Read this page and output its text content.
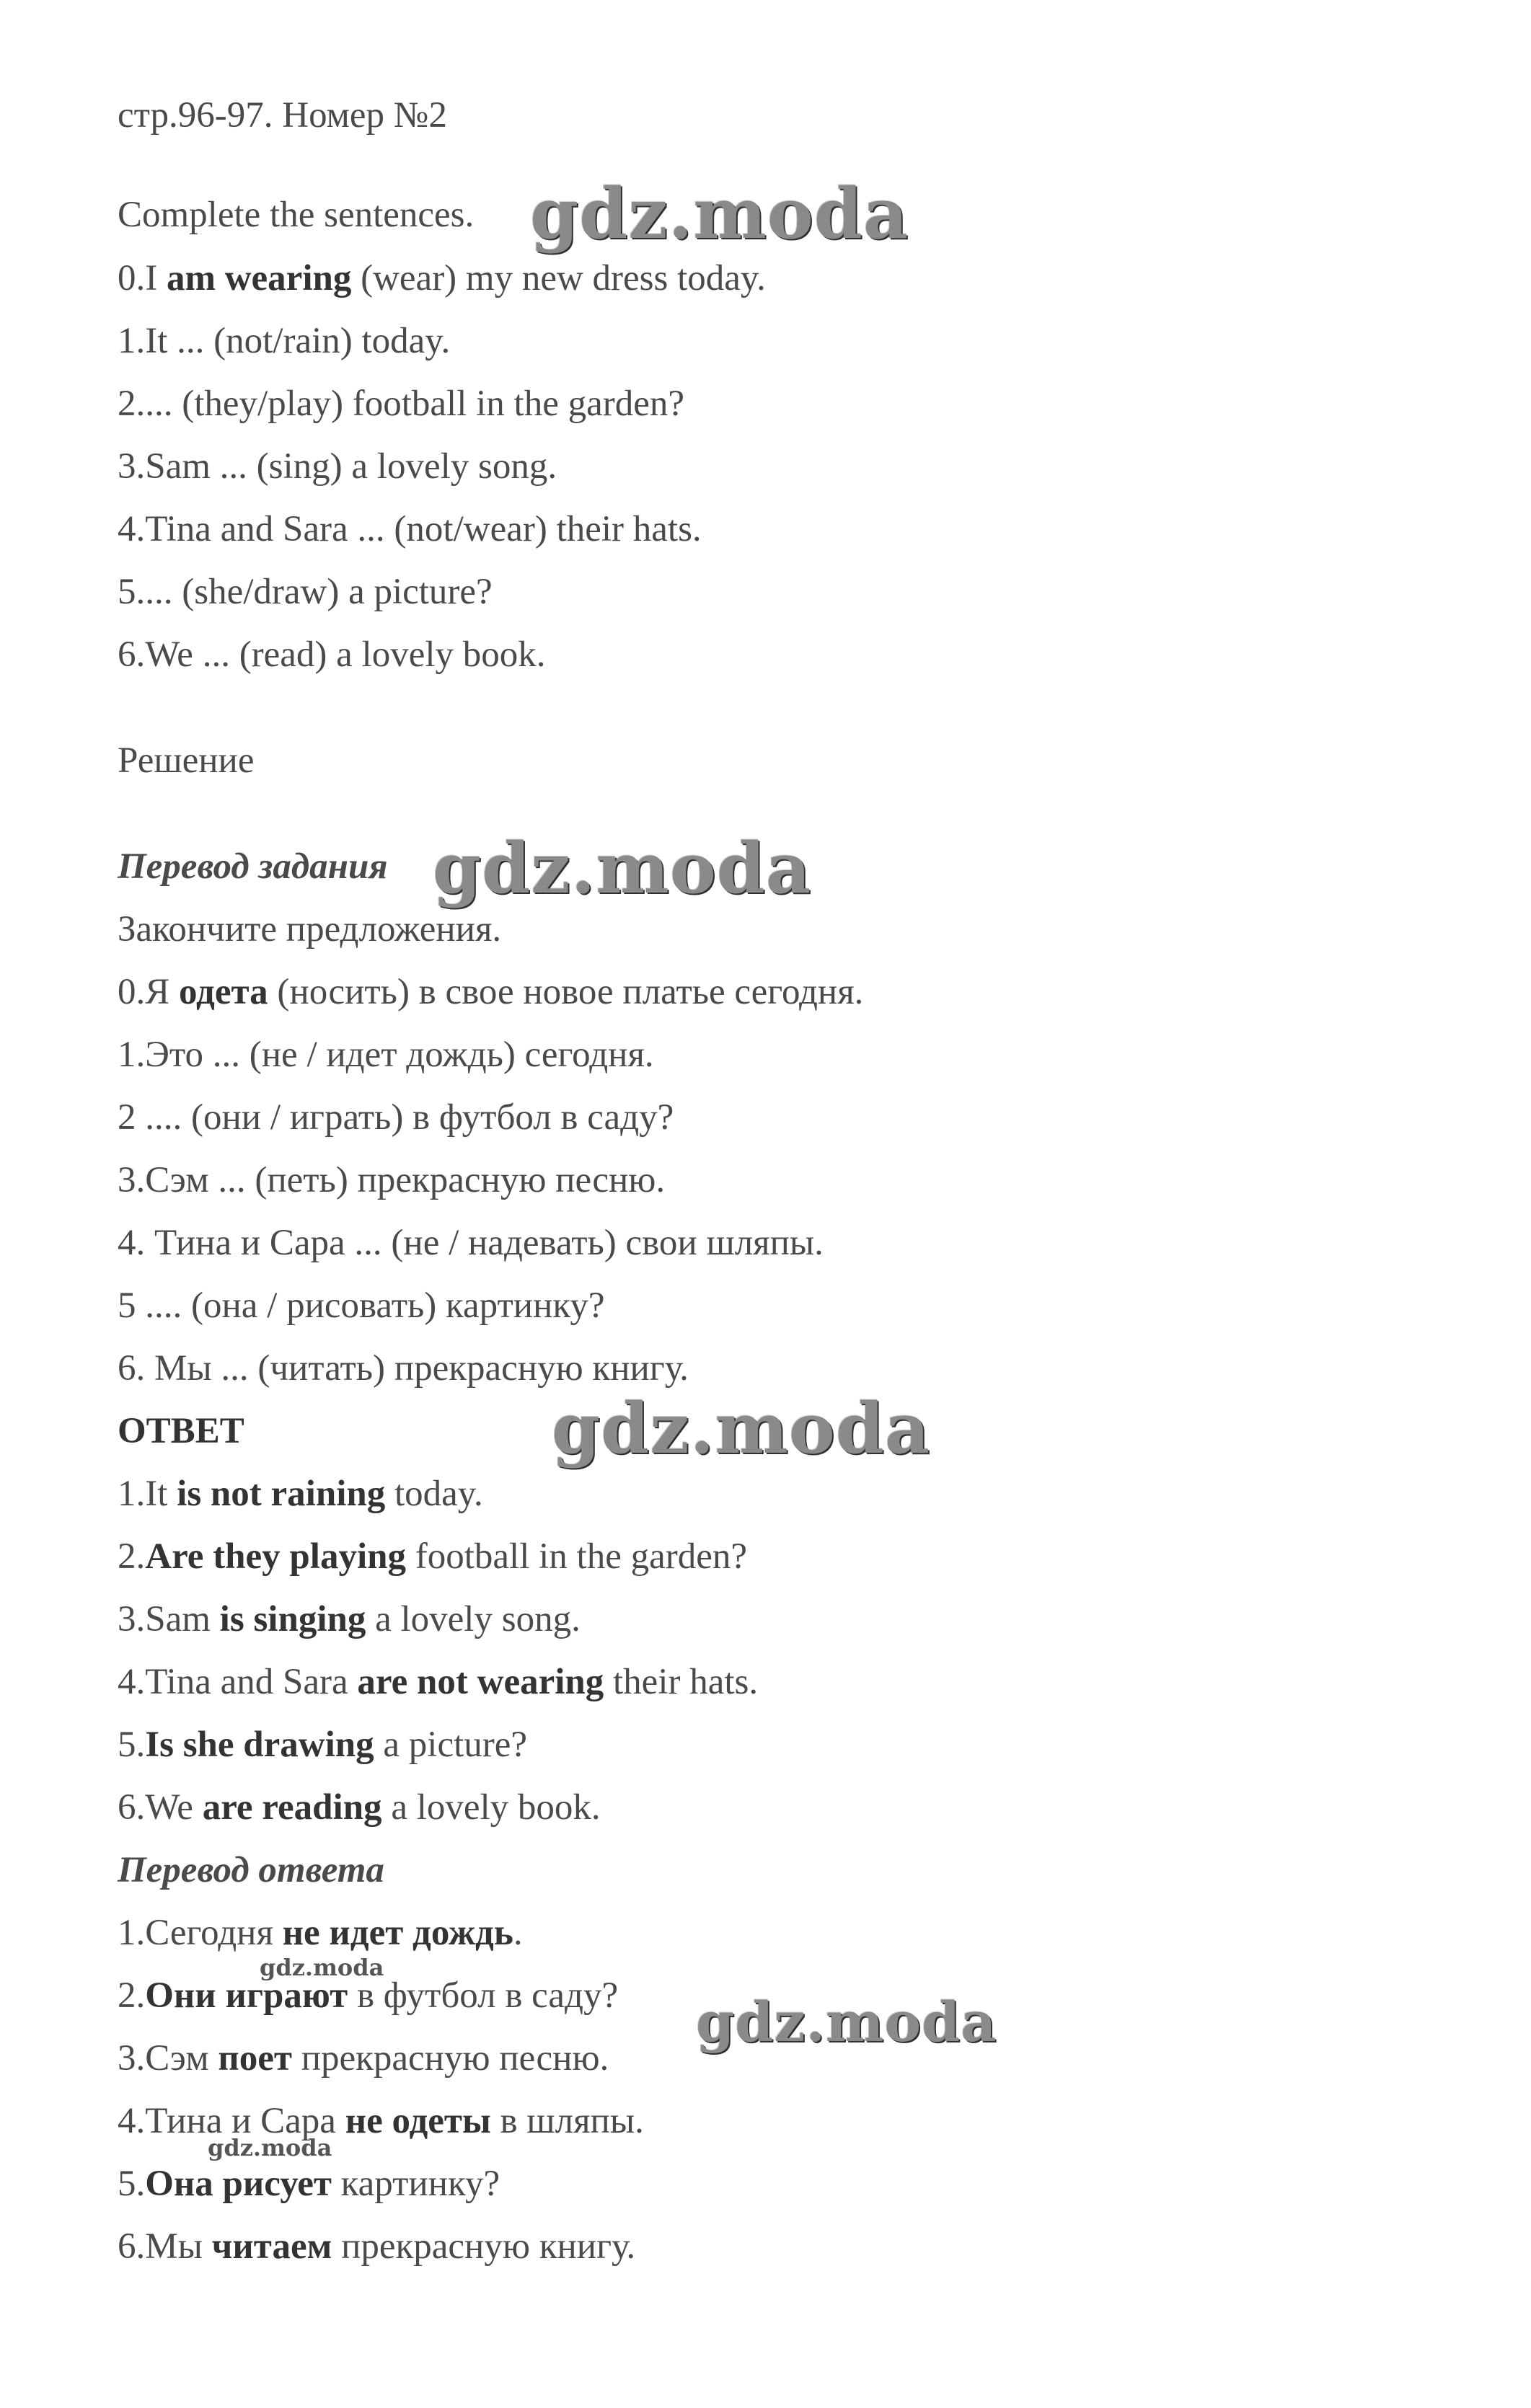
стр.96-97. Номер №2
Complete the sentences.
0.I am wearing (wear) my new dress today.
1.It ... (not/rain) today.
2.... (they/play) football in the garden?
3.Sam ... (sing) a lovely song.
4.Tina and Sara ... (not/wear) their hats.
5.... (she/draw) a picture?
6.We ... (read) a lovely book.
Решение
Перевод задания
Закончите предложения.
0.Я одета (носить) в свое новое платье сегодня.
1.Это ... (не / идет дождь) сегодня.
2 .... (они / играть) в футбол в саду?
3.Сэм ... (петь) прекрасную песню.
4. Тина и Сара ... (не / надевать) свои шляпы.
5 .... (она / рисовать) картинку?
6. Мы ... (читать) прекрасную книгу.
ОТВЕТ
1.It is not raining today.
2.Are they playing football in the garden?
3.Sam is singing a lovely song.
4.Tina and Sara are not wearing their hats.
5.Is she drawing a picture?
6.We are reading a lovely book.
Перевод ответа
1.Сегодня не идет дождь.
2.Они играют в футбол в саду?
3.Сэм поет прекрасную песню.
4.Тина и Сара не одеты в шляпы.
5.Она рисует картинку?
6.Мы читаем прекрасную книгу.
gdz.moda
gdz.moda
gdz.moda
gdz.moda
gdz.moda
gdz.moda
